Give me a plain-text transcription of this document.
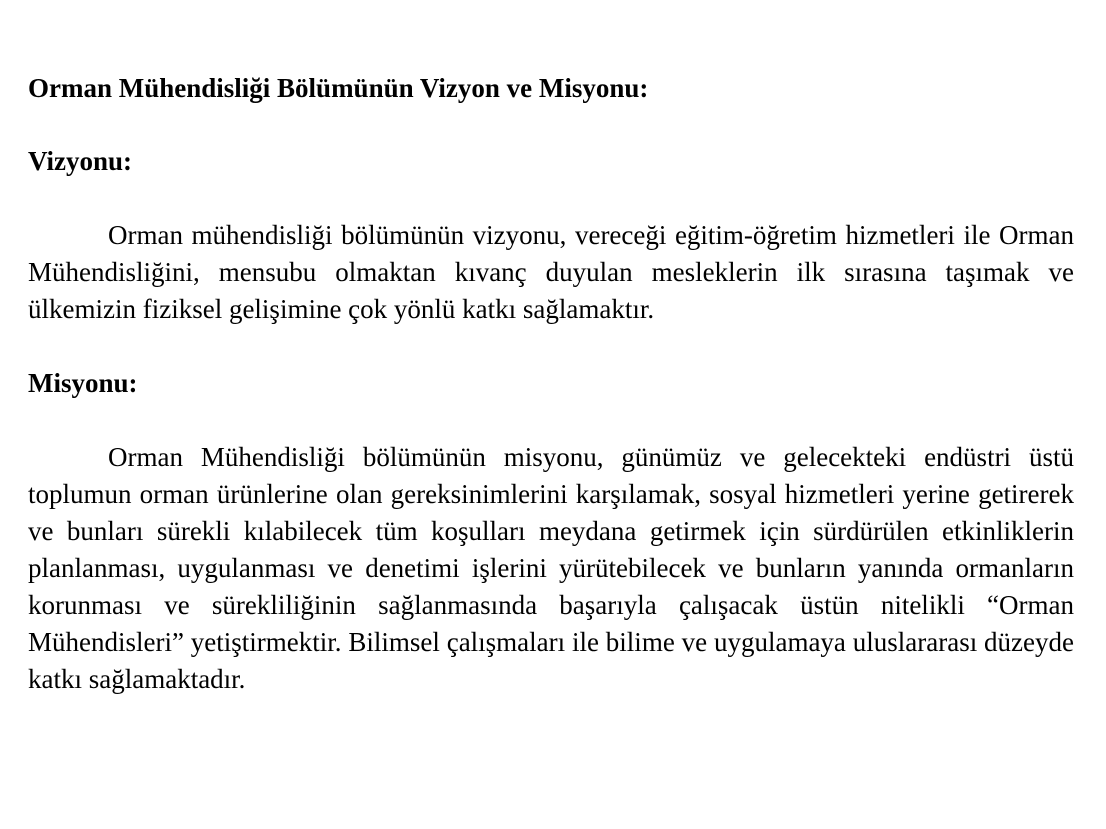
Orman Mühendisliği Bölümünün Vizyon ve Misyonu:

Vizyonu:

Orman mühendisliği bölümünün vizyonu, vereceği eğitim-öğretim hizmetleri ile Orman Mühendisliğini, mensubu olmaktan kıvanç duyulan mesleklerin ilk sırasına taşımak ve ülkemizin fiziksel gelişimine çok yönlü katkı sağlamaktır.

Misyonu:

Orman Mühendisliği bölümünün misyonu, günümüz ve gelecekteki endüstri üstü toplumun orman ürünlerine olan gereksinimlerini karşılamak, sosyal hizmetleri yerine getirerek ve bunları sürekli kılabilecek tüm koşulları meydana getirmek için sürdürülen etkinliklerin planlanması, uygulanması ve denetimi işlerini yürütebilecek ve bunların yanında ormanların korunması ve sürekliliğinin sağlanmasında başarıyla çalışacak üstün nitelikli “Orman Mühendisleri” yetiştirmektir. Bilimsel çalışmaları ile bilime ve uygulamaya uluslararası düzeyde katkı sağlamaktadır.
